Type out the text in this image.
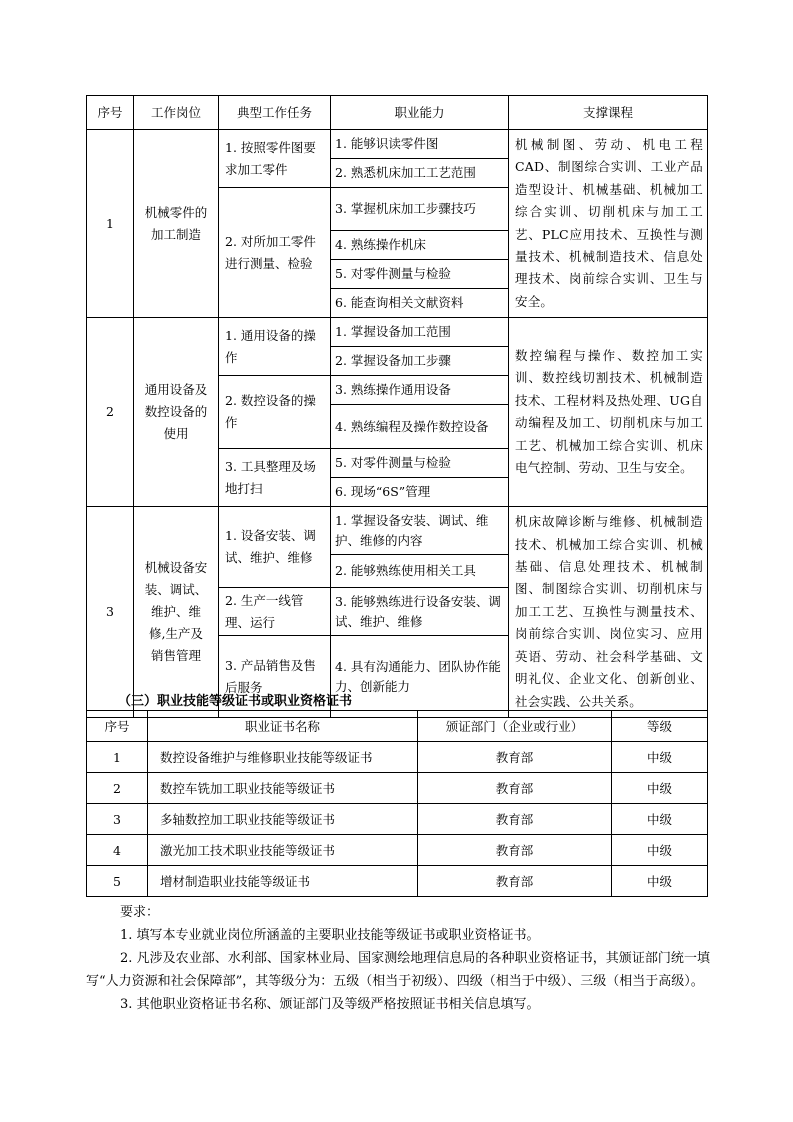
序号	工作岗位	典型工作任务	职业能力	支撑课程
1	机械零件的加工制造	1. 按照零件图要求加工零件	1. 能够识读零件图	机械制图、劳动、机电工程CAD、制图综合实训、工业产品造型设计、机械基础、机械加工综合实训、切削机床与加工工艺、PLC应用技术、互换性与测量技术、机械制造技术、信息处理技术、岗前综合实训、卫生与安全。
			2. 熟悉机床加工工艺范围	
		2. 对所加工零件进行测量、检验	3. 掌握机床加工步骤技巧	
			4. 熟练操作机床	
			5. 对零件测量与检验	
			6. 能查询相关文献资料	
2	通用设备及数控设备的使用	1. 通用设备的操作	1. 掌握设备加工范围	数控编程与操作、数控加工实训、数控线切割技术、机械制造技术、工程材料及热处理、UG自动编程及加工、切削机床与加工工艺、机械加工综合实训、机床电气控制、劳动、卫生与安全。
			2. 掌握设备加工步骤	
		2. 数控设备的操作	3. 熟练操作通用设备	
			4. 熟练编程及操作数控设备	
		3. 工具整理及场地打扫	5. 对零件测量与检验	
			6. 现场“6S”管理	
3	机械设备安装、调试、维护、维修,生产及销售管理	1. 设备安装、调试、维护、维修	1. 掌握设备安装、调试、维护、维修的内容	机床故障诊断与维修、机械制造技术、机械加工综合实训、机械基础、信息处理技术、机械制图、制图综合实训、切削机床与加工工艺、互换性与测量技术、岗前综合实训、岗位实习、应用英语、劳动、社会科学基础、文明礼仪、企业文化、创新创业、社会实践、公共关系。
			2. 能够熟练使用相关工具	
		2. 生产一线管理、运行	3. 能够熟练进行设备安装、调试、维护、维修	
		3. 产品销售及售后服务	4. 具有沟通能力、团队协作能力、创新能力	
（三）职业技能等级证书或职业资格证书
序号	职业证书名称	颁证部门（企业或行业）	等级
1	数控设备维护与维修职业技能等级证书	教育部	中级
2	数控车铣加工职业技能等级证书	教育部	中级
3	多轴数控加工职业技能等级证书	教育部	中级
4	激光加工技术职业技能等级证书	教育部	中级
5	增材制造职业技能等级证书	教育部	中级

要求：

1. 填写本专业就业岗位所涵盖的主要职业技能等级证书或职业资格证书。

2. 凡涉及农业部、水利部、国家林业局、国家测绘地理信息局的各种职业资格证书，其颁证部门统一填写“人力资源和社会保障部”，其等级分为：五级（相当于初级）、四级（相当于中级）、三级（相当于高级）。

3. 其他职业资格证书名称、颁证部门及等级严格按照证书相关信息填写。
